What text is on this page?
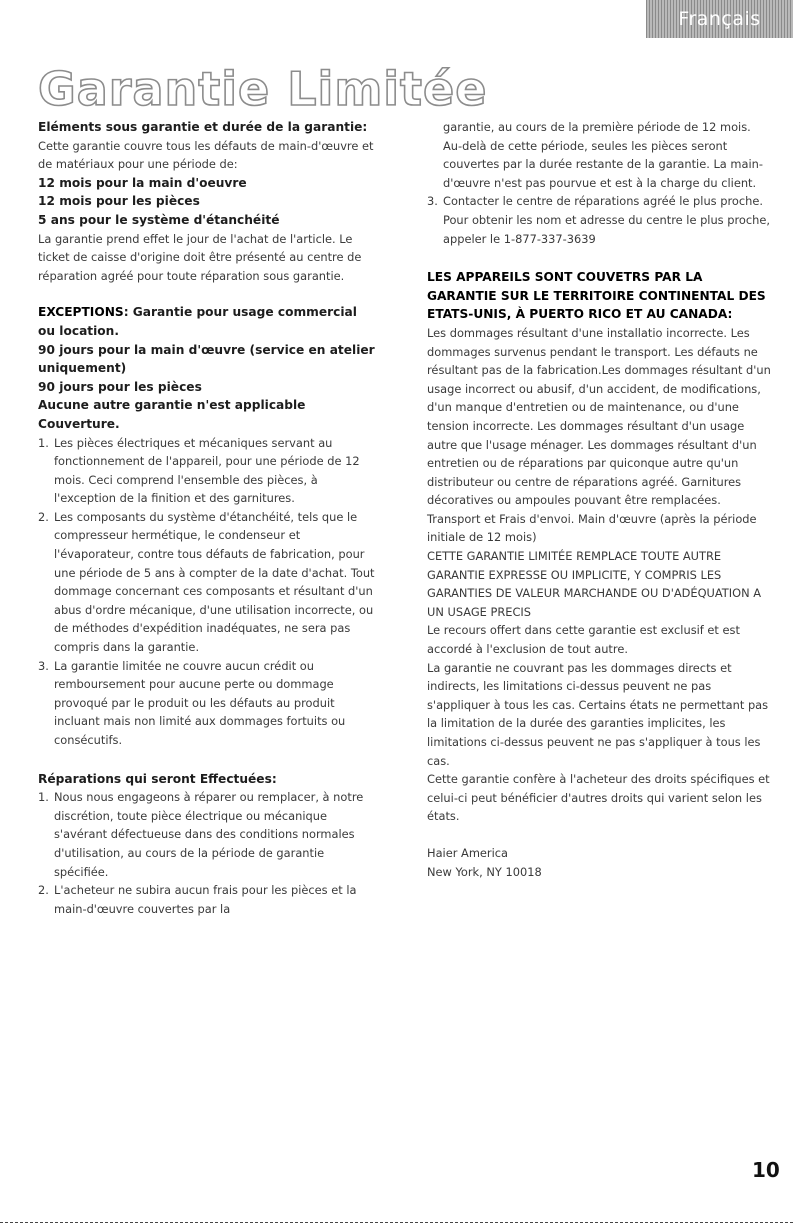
Français
Garantie Limitée

Eléments sous garantie et durée de la garantie:

Cette garantie couvre tous les défauts de main-d'œuvre et de matériaux pour une période de:

12 mois pour la main d'oeuvre

12 mois pour les pièces

5 ans pour le système d'étanchéité

La garantie prend effet le jour de l'achat de l'article. Le ticket de caisse d'origine doit être présenté au centre de réparation agréé pour toute réparation sous garantie.

EXCEPTIONS: Garantie pour usage commercial ou location.

90 jours pour la main d'œuvre (service en atelier uniquement)

90 jours pour les pièces

Aucune autre garantie n'est applicable

Couverture.

1. Les pièces électriques et mécaniques servant au fonctionnement de l'appareil, pour une période de 12 mois. Ceci comprend l'ensemble des pièces, à l'exception de la finition et des garnitures.
2. Les composants du système d'étanchéité, tels que le compresseur hermétique, le condenseur et l'évaporateur, contre tous défauts de fabrication, pour une période de 5 ans à compter de la date d'achat. Tout dommage concernant ces composants et résultant d'un abus d'ordre mécanique, d'une utilisation incorrecte, ou de méthodes d'expédition inadéquates, ne sera pas compris dans la garantie.
3. La garantie limitée ne couvre aucun crédit ou remboursement pour aucune perte ou dommage provoqué par le produit ou les défauts au produit incluant mais non limité aux dommages fortuits ou consécutifs.

Réparations qui seront Effectuées:

1. Nous nous engageons à réparer ou remplacer, à notre discrétion, toute pièce électrique ou mécanique s'avérant défectueuse dans des conditions normales d'utilisation, au cours de la période de garantie spécifiée.
2. L'acheteur ne subira aucun frais pour les pièces et la main-d'œuvre couvertes par la
garantie, au cours de la première période de 12 mois. Au-delà de cette période, seules les pièces seront couvertes par la durée restante de la garantie. La main-d'œuvre n'est pas pourvue et est à la charge du client.
3. Contacter le centre de réparations agréé le plus proche. Pour obtenir les nom et adresse du centre le plus proche, appeler le 1-877-337-3639

LES APPAREILS SONT COUVETRS PAR LA GARANTIE SUR LE TERRITOIRE CONTINENTAL DES ETATS-UNIS, À PUERTO RICO ET AU CANADA:

Les dommages résultant d'une installatio incorrecte. Les dommages survenus pendant le transport. Les défauts ne résultant pas de la fabrication.Les dommages résultant d'un usage incorrect ou abusif, d'un accident, de modifications, d'un manque d'entretien ou de maintenance, ou d'une tension incorrecte. Les dommages résultant d'un usage autre que l'usage ménager. Les dommages résultant d'un entretien ou de réparations par quiconque autre qu'un distributeur ou centre de réparations agréé. Garnitures décoratives ou ampoules pouvant être remplacées. Transport et Frais d'envoi. Main d'œuvre (après la période initiale de 12 mois)

CETTE GARANTIE LIMITÉE REMPLACE TOUTE AUTRE GARANTIE EXPRESSE OU IMPLICITE, Y COMPRIS LES GARANTIES DE VALEUR MARCHANDE OU D'ADÉQUATION A UN USAGE PRECIS

Le recours offert dans cette garantie est exclusif et est accordé à l'exclusion de tout autre.

La garantie ne couvrant pas les dommages directs et indirects, les limitations ci-dessus peuvent ne pas s'appliquer à tous les cas. Certains états ne permettant pas la limitation de la durée des garanties implicites, les limitations ci-dessus peuvent ne pas s'appliquer à tous les cas.

Cette garantie confère à l'acheteur des droits spécifiques et celui-ci peut bénéficier d'autres droits qui varient selon les états.

Haier America

New York, NY 10018

10
